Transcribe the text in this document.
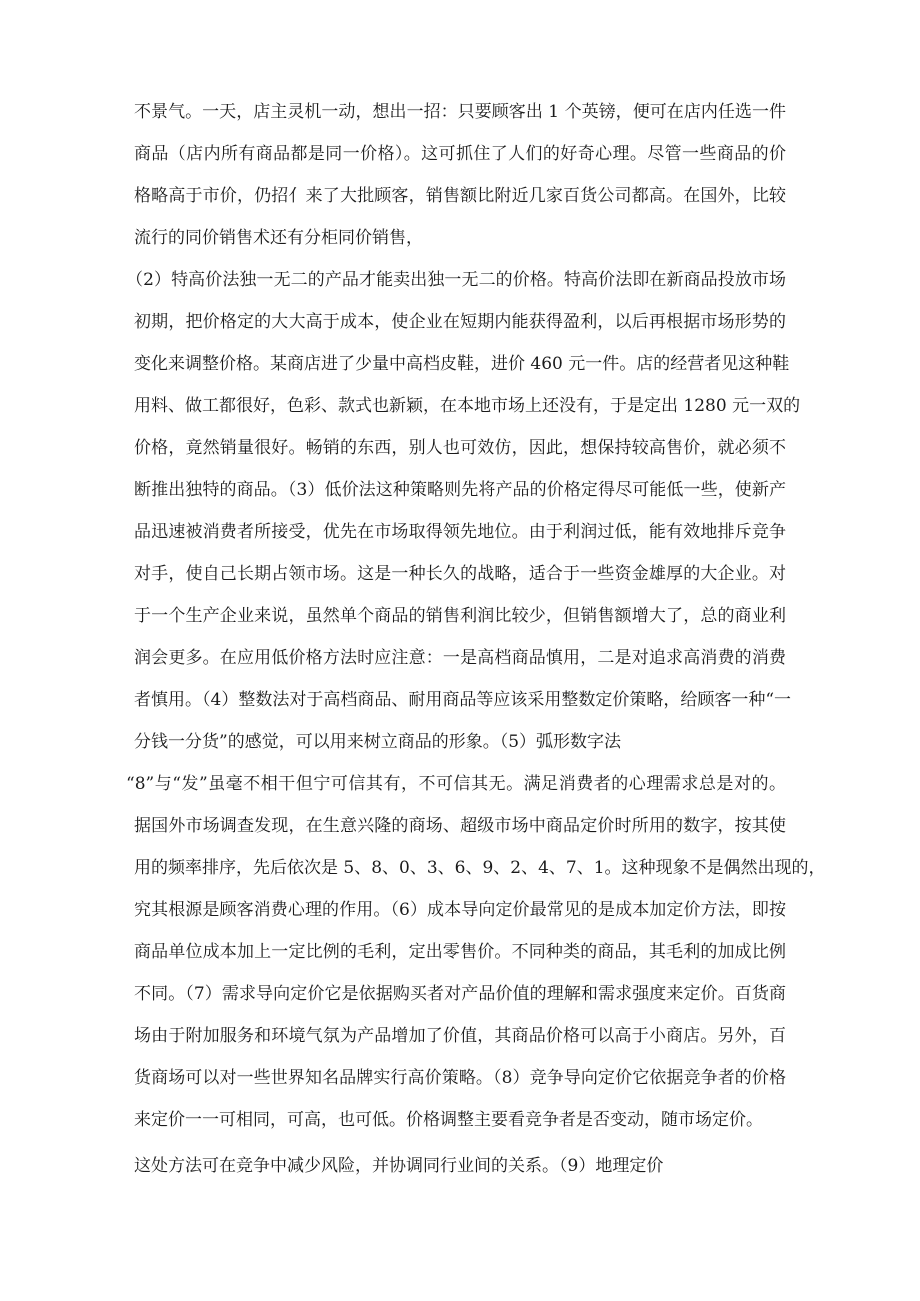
不景气。一天，店主灵机一动，想出一招：只要顾客出 1 个英镑，便可在店内任选一件
商品（店内所有商品都是同一价格）。这可抓住了人们的好奇心理。尽管一些商品的价
格略高于市价，仍招亻来了大批顾客，销售额比附近几家百货公司都高。在国外，比较
流行的同价销售术还有分柜同价销售，
（2）特高价法独一无二的产品才能卖出独一无二的价格。特高价法即在新商品投放市场
初期，把价格定的大大高于成本，使企业在短期内能获得盈利，以后再根据市场形势的
变化来调整价格。某商店进了少量中高档皮鞋，进价 460 元一件。店的经营者见这种鞋
用料、做工都很好，色彩、款式也新颖，在本地市场上还没有，于是定出 1280 元一双的
价格，竟然销量很好。畅销的东西，别人也可效仿，因此，想保持较高售价，就必须不
断推出独特的商品。（3）低价法这种策略则先将产品的价格定得尽可能低一些，使新产
品迅速被消费者所接受，优先在市场取得领先地位。由于利润过低，能有效地排斥竞争
对手，使自己长期占领市场。这是一种长久的战略，适合于一些资金雄厚的大企业。对
于一个生产企业来说，虽然单个商品的销售利润比较少，但销售额增大了，总的商业利
润会更多。在应用低价格方法时应注意：一是高档商品慎用，二是对追求高消费的消费
者慎用。（4）整数法对于高档商品、耐用商品等应该采用整数定价策略，给顾客一种“一
分钱一分货”的感觉，可以用来树立商品的形象。（5）弧形数字法
“8”与“发”虽毫不相干但宁可信其有，不可信其无。满足消费者的心理需求总是对的。
据国外市场调查发现，在生意兴隆的商场、超级市场中商品定价时所用的数字，按其使
用的频率排序，先后依次是 5、8、0、3、6、9、2、4、7、1。这种现象不是偶然出现的，
究其根源是顾客消费心理的作用。（6）成本导向定价最常见的是成本加定价方法，即按
商品单位成本加上一定比例的毛利，定出零售价。不同种类的商品，其毛利的加成比例
不同。（7）需求导向定价它是依据购买者对产品价值的理解和需求强度来定价。百货商
场由于附加服务和环境气氛为产品增加了价值，其商品价格可以高于小商店。另外，百
货商场可以对一些世界知名品牌实行高价策略。（8）竞争导向定价它依据竞争者的价格
来定价一一可相同，可高，也可低。价格调整主要看竞争者是否变动，随市场定价。
这处方法可在竞争中减少风险，并协调同行业间的关系。（9）地理定价
